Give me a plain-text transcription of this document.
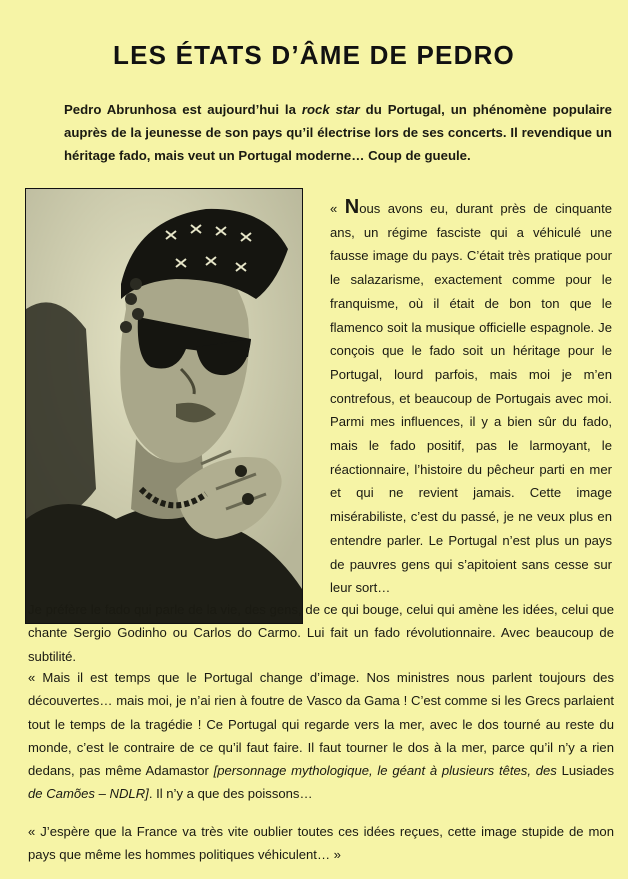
LES ÉTATS D’ÂME DE PEDRO

Pedro Abrunhosa est aujourd’hui la rock star du Portugal, un phénomène populaire auprès de la jeunesse de son pays qu’il électrise lors de ses concerts. Il revendique un héritage fado, mais veut un Portugal moderne… Coup de gueule.

« Nous avons eu, durant près de cinquante ans, un régime fasciste qui a véhiculé une fausse image du pays. C’était très pratique pour le salazarisme, exactement comme pour le franquisme, où il était de bon ton que le flamenco soit la musique officielle espagnole. Je conçois que le fado soit un héritage pour le Portugal, lourd parfois, mais moi je m’en contrefous, et beaucoup de Portugais avec moi. Parmi mes influences, il y a bien sûr du fado, mais le fado positif, pas le larmoyant, le réactionnaire, l’histoire du pêcheur parti en mer et qui ne revient jamais. Cette image misérabiliste, c’est du passé, je ne veux plus en entendre parler. Le Portugal n’est plus un pays de pauvres gens qui s’apitoient sans cesse sur leur sort…

Je préfère le fado qui parle de la vie, des gens, de ce qui bouge, celui qui amène les idées, celui que chante Sergio Godinho ou Carlos do Carmo. Lui fait un fado révolutionnaire. Avec beaucoup de subtilité.

« Mais il est temps que le Portugal change d’image. Nos ministres nous parlent toujours des découvertes… mais moi, je n’ai rien à foutre de Vasco da Gama ! C’est comme si les Grecs parlaient tout le temps de la tragédie ! Ce Portugal qui regarde vers la mer, avec le dos tourné au reste du monde, c’est le contraire de ce qu’il faut faire. Il faut tourner le dos à la mer, parce qu’il n’y a rien dedans, pas même Adamastor [personnage mythologique, le géant à plusieurs têtes, des Lusiades de Camões – NDLR]. Il n’y a que des poissons…

« J’espère que la France va très vite oublier toutes ces idées reçues, cette image stupide de mon pays que même les hommes politiques véhiculent… »
